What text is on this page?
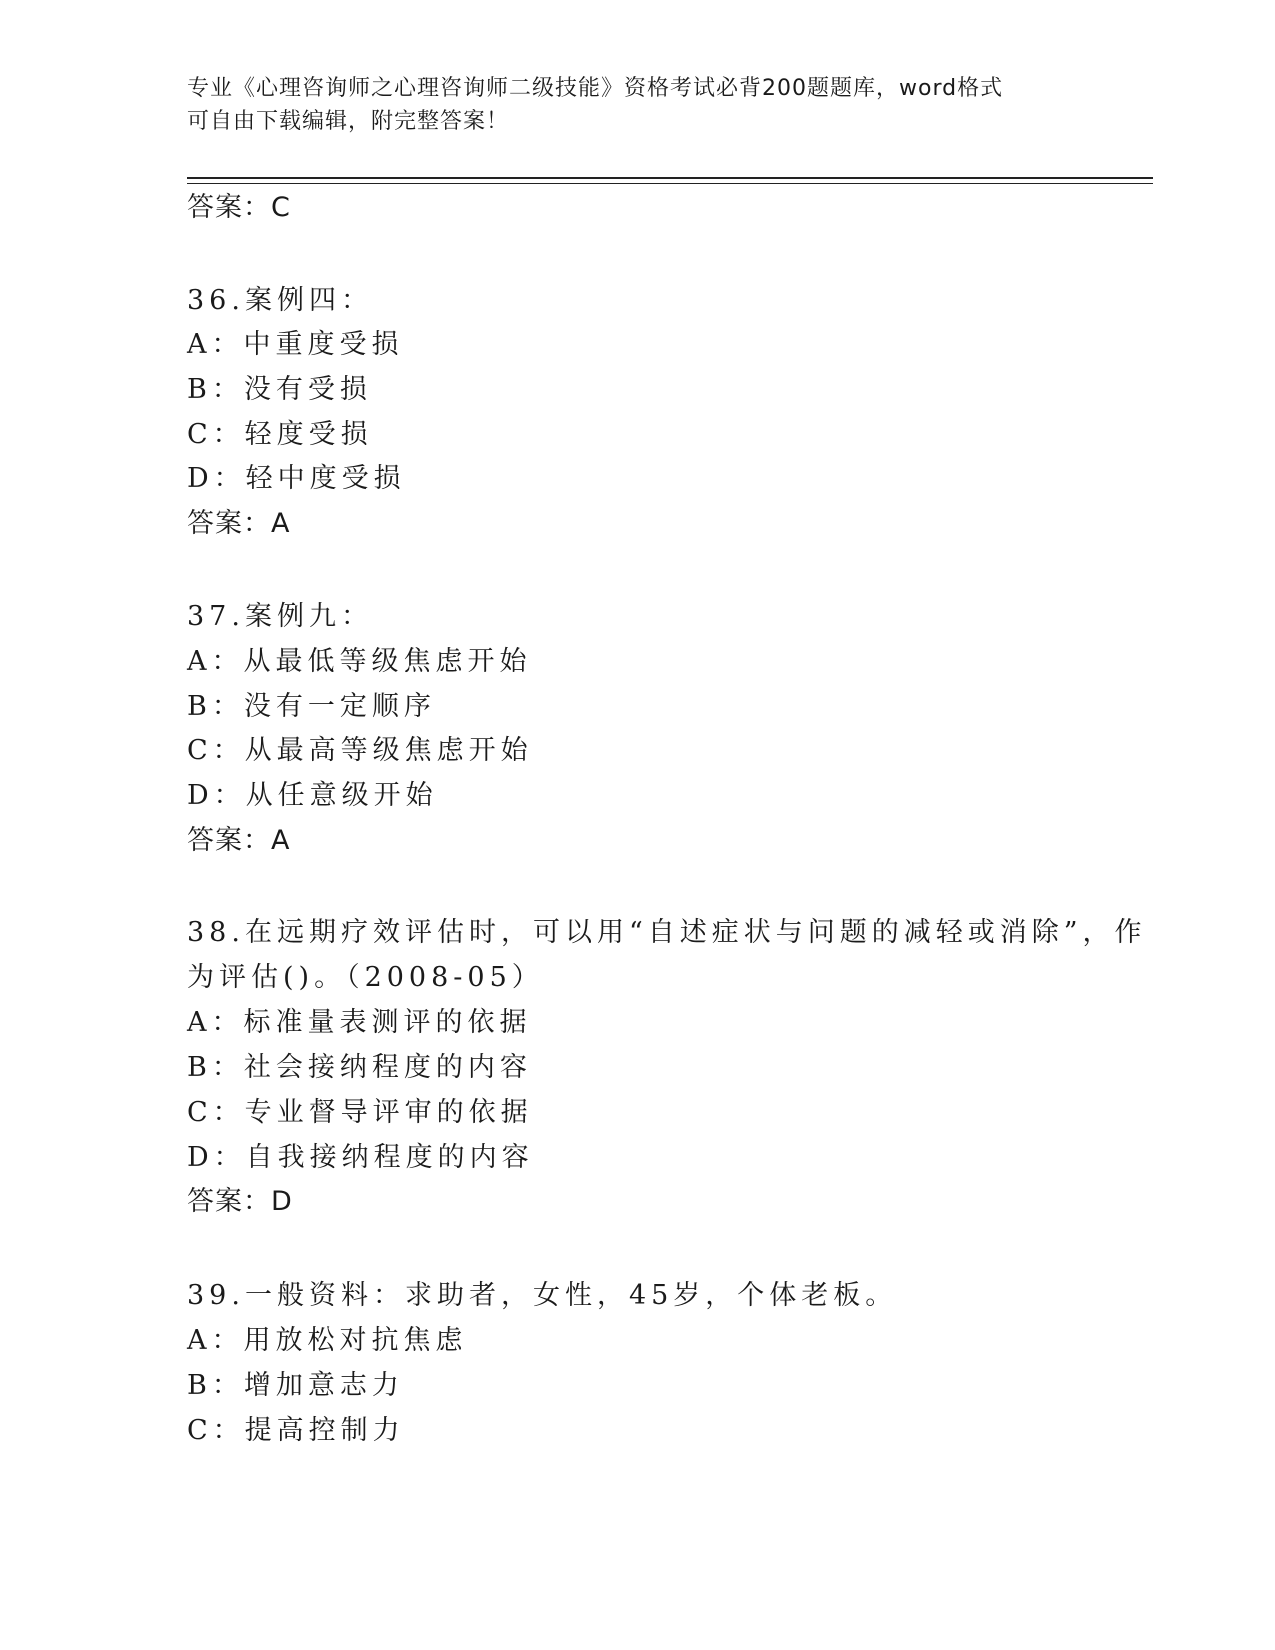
专业《心理咨询师之心理咨询师二级技能》资格考试必背200题题库，word格式
可自由下载编辑，附完整答案！
答案：C
36.案例四：
A：中重度受损
B：没有受损
C：轻度受损
D：轻中度受损
答案：A
37.案例九：
A：从最低等级焦虑开始
B：没有一定顺序
C：从最高等级焦虑开始
D：从任意级开始
答案：A
38.在远期疗效评估时，可以用“自述症状与问题的减轻或消除”，作
为评估()。（2008-05）
A：标准量表测评的依据
B：社会接纳程度的内容
C：专业督导评审的依据
D：自我接纳程度的内容
答案：D
39.一般资料：求助者，女性，45岁，个体老板。
A：用放松对抗焦虑
B：增加意志力
C：提高控制力
